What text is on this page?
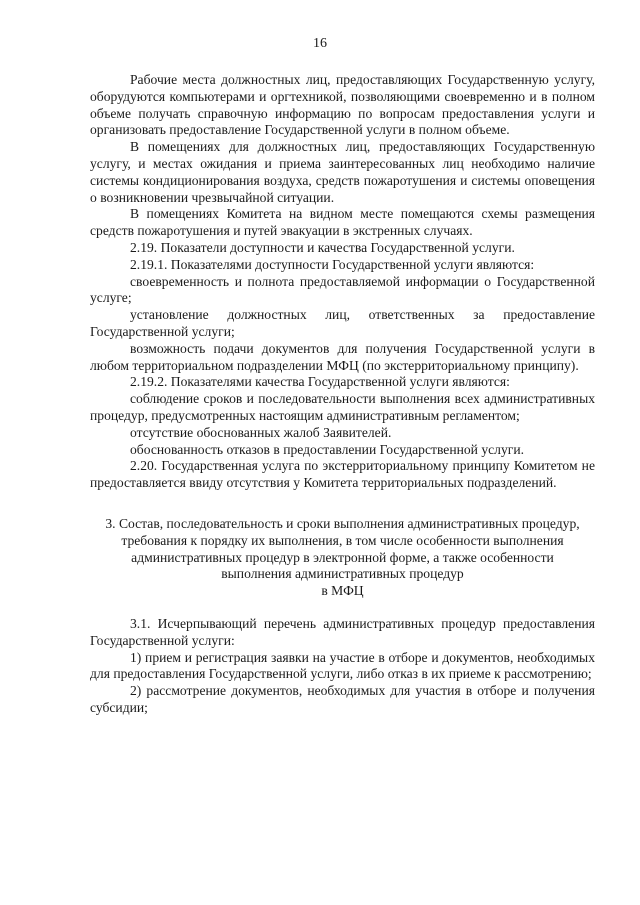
16

Рабочие места должностных лиц, предоставляющих Государственную услугу, оборудуются компьютерами и оргтехникой, позволяющими своевременно и в полном объеме получать справочную информацию по вопросам предоставления услуги и организовать предоставление Государственной услуги в полном объеме.

В помещениях для должностных лиц, предоставляющих Государственную услугу, и местах ожидания и приема заинтересованных лиц необходимо наличие системы кондиционирования воздуха, средств пожаротушения и системы оповещения о возникновении чрезвычайной ситуации.

В помещениях Комитета на видном месте помещаются схемы размещения средств пожаротушения и путей эвакуации в экстренных случаях.

2.19. Показатели доступности и качества Государственной услуги.

2.19.1. Показателями доступности Государственной услуги являются:

своевременность и полнота предоставляемой информации о Государственной услуге;

установление должностных лиц, ответственных за предоставление Государственной услуги;

возможность подачи документов для получения Государственной услуги в любом территориальном подразделении МФЦ (по экстерриториальному принципу).

2.19.2. Показателями качества Государственной услуги являются:

соблюдение сроков и последовательности выполнения всех административных процедур, предусмотренных настоящим административным регламентом;

отсутствие обоснованных жалоб Заявителей.

обоснованность отказов в предоставлении Государственной услуги.

2.20. Государственная услуга по экстерриториальному принципу Комитетом не предоставляется ввиду отсутствия у Комитета территориальных подразделений.

3. Состав, последовательность и сроки выполнения административных процедур, требования к порядку их выполнения, в том числе особенности выполнения административных процедур в электронной форме, а также особенности выполнения административных процедур
в МФЦ

3.1. Исчерпывающий перечень административных процедур предоставления Государственной услуги:

1) прием и регистрация заявки на участие в отборе и документов, необходимых для предоставления Государственной услуги, либо отказ в их приеме к рассмотрению;

2) рассмотрение документов, необходимых для участия в отборе и получения субсидии;
